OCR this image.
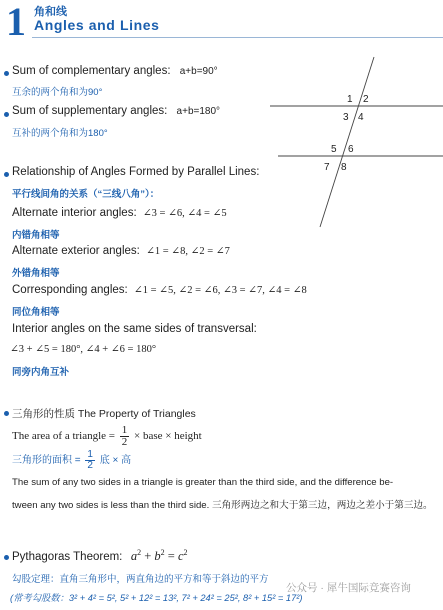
1 角和线
Angles and Lines
Sum of complementary angles: a+b=90°
互余的两个角和为90°
Sum of supplementary angles: a+b=180°
互补的两个角和为180°
1 2
3 4
5 6
7 8
Relationship of Angles Formed by Parallel Lines:
平行线间角的关系（“三线八角”）：
Alternate interior angles: ∠3 = ∠6, ∠4 = ∠5
内错角相等
Alternate exterior angles: ∠1 = ∠8, ∠2 = ∠7
外错角相等
Corresponding angles: ∠1 = ∠5, ∠2 = ∠6, ∠3 = ∠7, ∠4 = ∠8
同位角相等
Interior angles on the same sides of transversal:
∠3 + ∠5 = 180°, ∠4 + ∠6 = 180°
同旁内角互补
三角形的性质 The Property of Triangles
The area of a triangle = $\frac{1}{2}$ × base × height
三角形的面积 = $\frac{1}{2}$ 底 × 高
The sum of any two sides in a triangle is greater than the third side, and the difference be-
tween any two sides is less than the third side. 三角形两边之和大于第三边，两边之差小于第三边。
Pythagoras Theorem: $a^2 + b^2 = c^2$
勾股定理：直角三角形中，两直角边的平方和等于斜边的平方
(常考勾股数：3² + 4² = 5², 5² + 12² = 13², 7² + 24² = 25², 8² + 15² = 17²)
公众号 · 犀牛国际竞赛咨询
